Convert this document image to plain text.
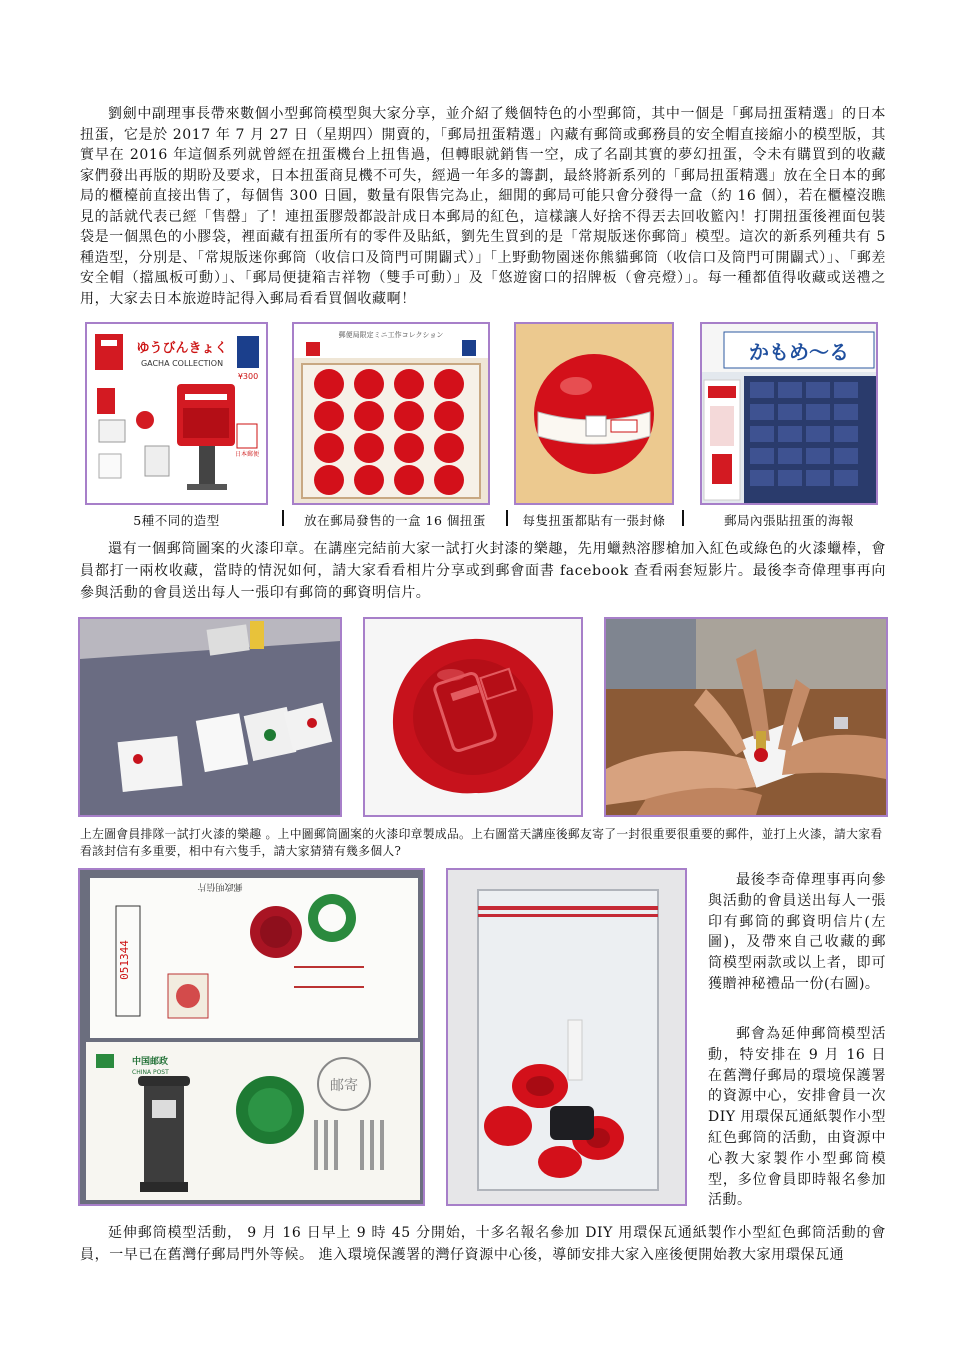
劉劍中副理事長帶來數個小型郵筒模型與大家分享，並介紹了幾個特色的小型郵筒，其中一個是「郵局扭蛋精選」的日本扭蛋，它是於 2017 年 7 月 27 日（星期四）開賣的，「郵局扭蛋精選」內藏有郵筒或郵務員的安全帽直接縮小的模型版，其實早在 2016 年這個系列就曾經在扭蛋機台上扭售過，但轉眼就銷售一空，成了名副其實的夢幻扭蛋，令未有購買到的收藏家們發出再版的期盼及要求，日本扭蛋商見機不可失，經過一年多的籌劃，最終將新系列的「郵局扭蛋精選」放在全日本的郵局的櫃檯前直接出售了，每個售 300 日圓，數量有限售完為止，細閒的郵局可能只會分發得一盒（約 16 個），若在櫃檯沒瞧見的話就代表已經「售罄」了！連扭蛋膠殼都設計成日本郵局的紅色，這樣讓人好捨不得丟去回收籃內！打開扭蛋後裡面包裝袋是一個黑色的小膠袋，裡面藏有扭蛋所有的零件及貼紙，劉先生買到的是「常規版迷你郵筒」模型。這次的新系列種共有 5 種造型，分別是、「常規版迷你郵筒（收信口及筒門可開闢式）」「上野動物園迷你熊貓郵筒（收信口及筒門可開闢式）」、「郵差安全帽（擋風板可動）」、「郵局便捷箱吉祥物（雙手可動）」及「悠遊窗口的招牌板（會亮燈）」。每一種都值得收藏或送禮之用，大家去日本旅遊時記得入郵局看看買個收藏啊！

ゆうびんきょく
GACHA COLLECTION
¥300
日本郵便
郵便局限定ミニ工作コレクション
かもめ〜る
5種不同的造型	放在郵局發售的一盒 16 個扭蛋	每隻扭蛋都貼有一張封條	郵局內張貼扭蛋的海報

還有一個郵筒圖案的火漆印章。在講座完結前大家一試打火封漆的樂趣，先用蠟熱溶膠槍加入紅色或綠色的火漆蠟棒，會員都打一兩枚收藏，當時的情況如何，請大家看看相片分享或到郵會面書 facebook 查看兩套短影片。最後李奇偉理事再向參與活動的會員送出每人一張印有郵筒的郵資明信片。

上左圖會員排隊一試打火漆的樂趣 。上中圖郵筒圖案的火漆印章製成品。上右圖當天講座後郵友寄了一封很重要很重要的郵件，並打上火漆，請大家看看該封信有多重要，相中有六隻手，請大家猜猜有幾多個人?

郵政明信片
051344
中国邮政
CHINA POST
邮寄

最後李奇偉理事再向參與活動的會員送出每人一張印有郵筒的郵資明信片(左圖)，及帶來自己收藏的郵筒模型兩款或以上者，即可獲贈神秘禮品一份(右圖)。

郵會為延伸郵筒模型活動，特安排在 9 月 16 日在舊灣仔郵局的環境保護署的資源中心，安排會員一次 DIY 用環保瓦通紙製作小型紅色郵筒的活動，由資源中心教大家製作小型郵筒模型，多位會員即時報名參加活動。

延伸郵筒模型活動， 9 月 16 日早上 9 時 45 分開始，十多名報名參加 DIY 用環保瓦通紙製作小型紅色郵筒活動的會員，一早已在舊灣仔郵局門外等候。 進入環境保護署的灣仔資源中心後，導師安排大家入座後便開始教大家用環保瓦通
